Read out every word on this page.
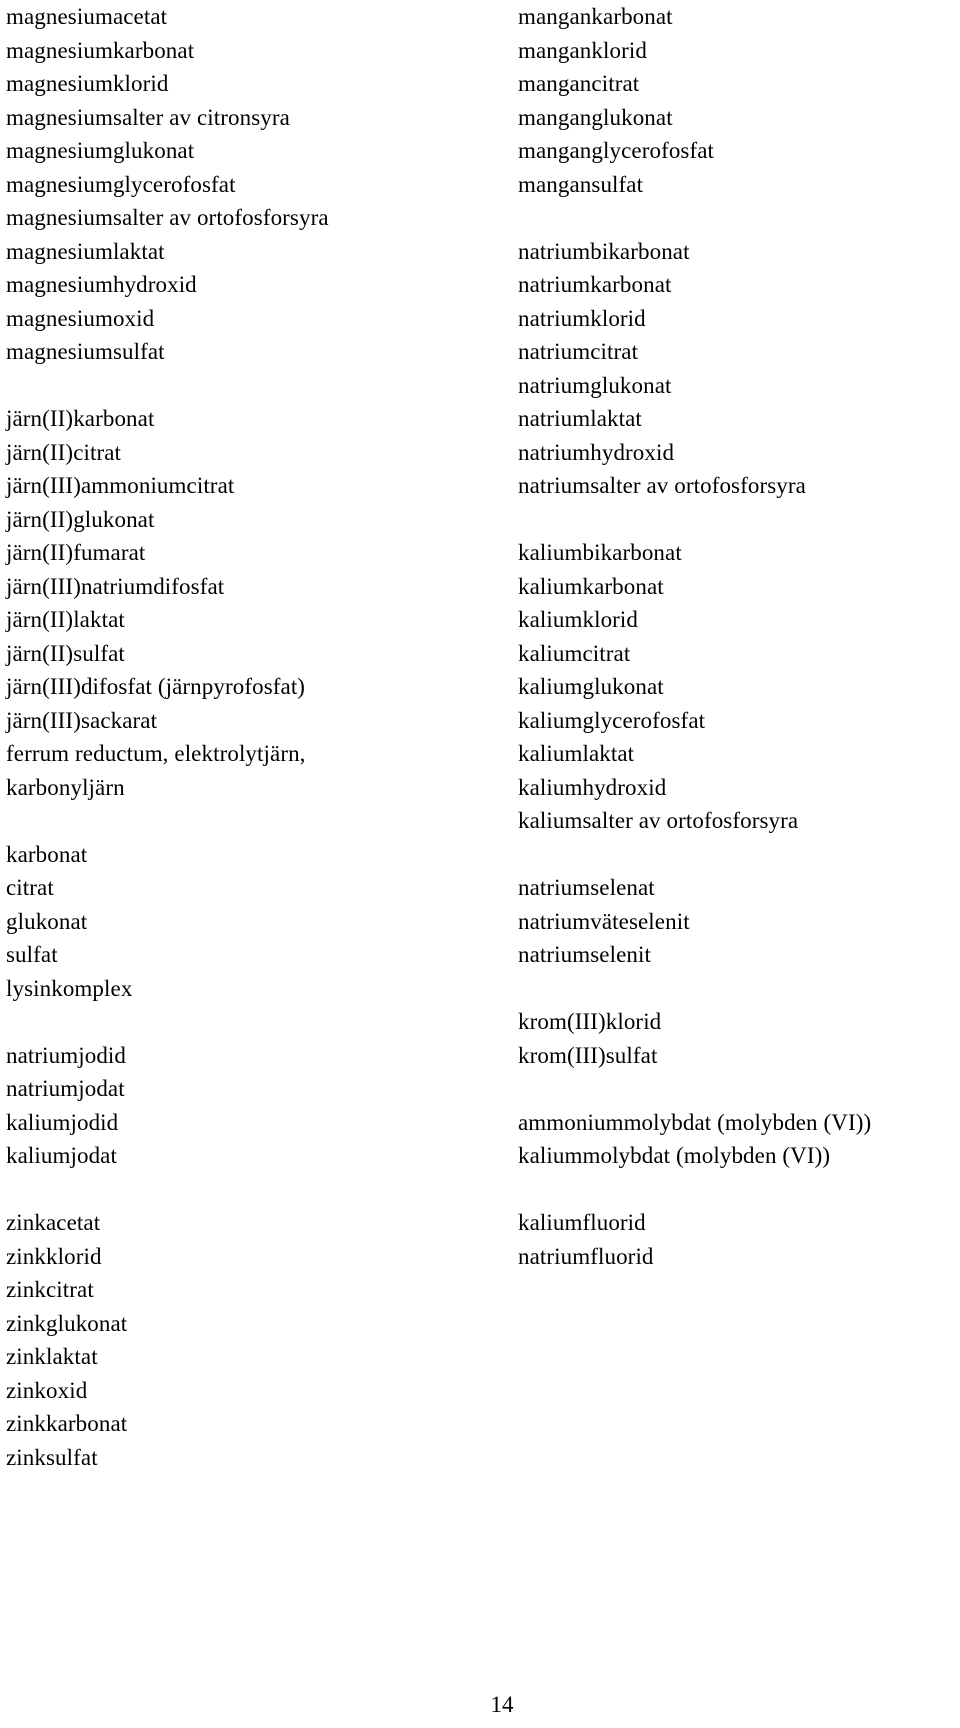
magnesiumacetat
magnesiumkarbonat
magnesiumklorid
magnesiumsalter av citronsyra
magnesiumglukonat
magnesiumglycerofosfat
magnesiumsalter av ortofosforsyra
magnesiumlaktat
magnesiumhydroxid
magnesiumoxid
magnesiumsulfat
järn(II)karbonat
järn(II)citrat
järn(III)ammoniumcitrat
järn(II)glukonat
järn(II)fumarat
järn(III)natriumdifosfat
järn(II)laktat
järn(II)sulfat
järn(III)difosfat (järnpyrofosfat)
järn(III)sackarat
ferrum reductum, elektrolytjärn,
karbonyljärn
karbonat
citrat
glukonat
sulfat
lysinkomplex
natriumjodid
natriumjodat
kaliumjodid
kaliumjodat
zinkacetat
zinkklorid
zinkcitrat
zinkglukonat
zinklaktat
zinkoxid
zinkkarbonat
zinksulfat
mangankarbonat
manganklorid
mangancitrat
manganglukonat
manganglycerofosfat
mangansulfat
natriumbikarbonat
natriumkarbonat
natriumklorid
natriumcitrat
natriumglukonat
natriumlaktat
natriumhydroxid
natriumsalter av ortofosforsyra
kaliumbikarbonat
kaliumkarbonat
kaliumklorid
kaliumcitrat
kaliumglukonat
kaliumglycerofosfat
kaliumlaktat
kaliumhydroxid
kaliumsalter av ortofosforsyra
natriumselenat
natriumväteselenit
natriumselenit
krom(III)klorid
krom(III)sulfat
ammoniummolybdat (molybden (VI))
kaliummolybdat (molybden (VI))
kaliumfluorid
natriumfluorid
14
